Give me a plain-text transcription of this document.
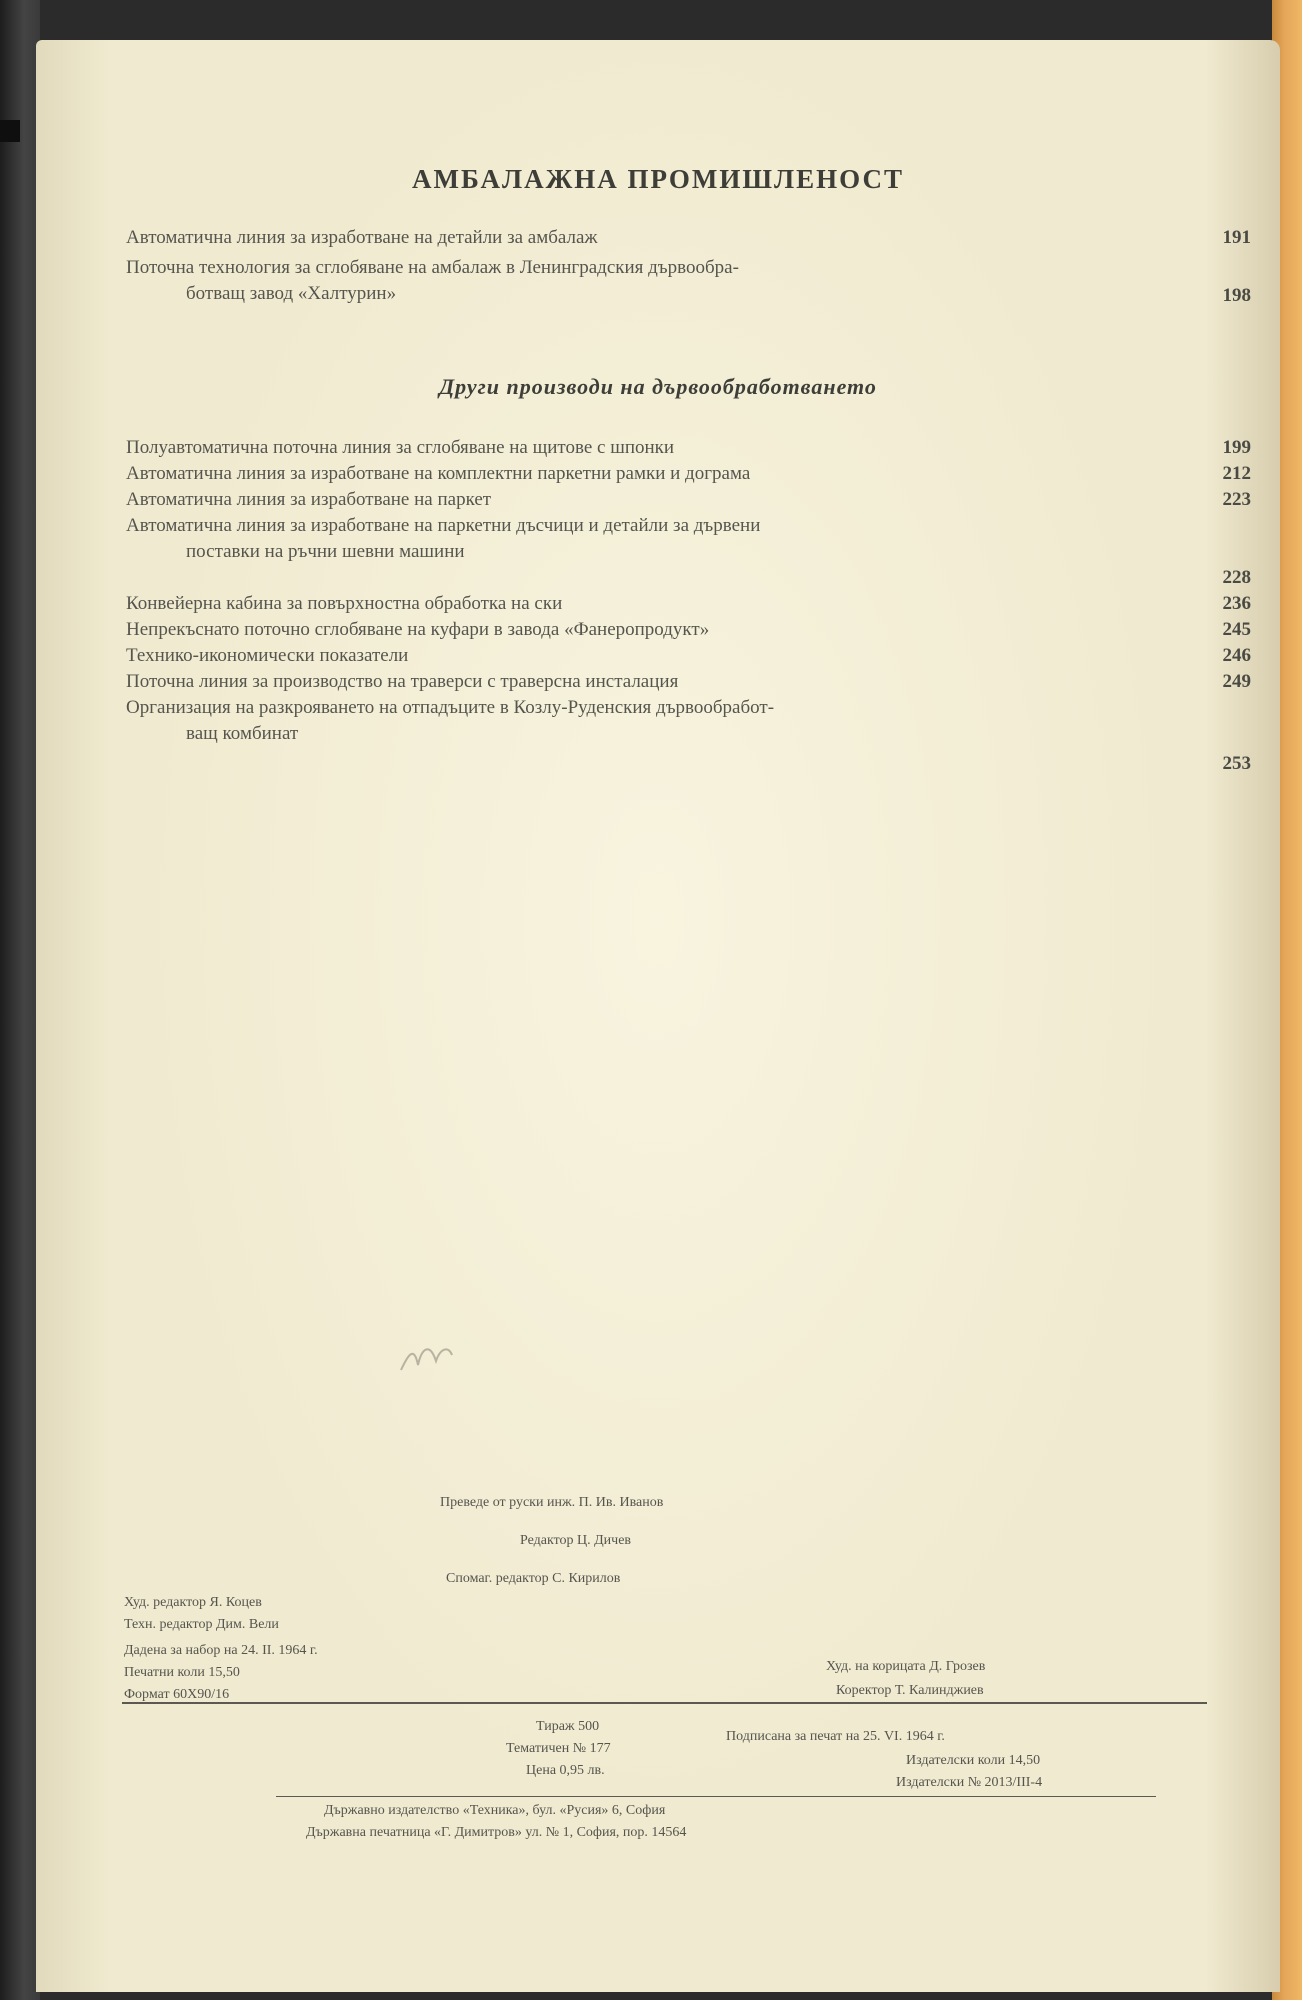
АМБАЛАЖНА ПРОМИШЛЕНОСТ
Автоматична линия за изработване на детайли за амбалаж	191
Поточна технология за сглобяване на амбалаж в Ленинградския дървообра-
ботващ завод «Халтурин»	198
Други производи на дървообработването
Полуавтоматична поточна линия за сглобяване на щитове с шпонки	199
Автоматична линия за изработване на комплектни паркетни рамки и дограма	212
Автоматична линия за изработване на паркет	223
Автоматична линия за изработване на паркетни дъсчици и детайли за дървени
поставки на ръчни шевни машини
228
Конвейерна кабина за повърхностна обработка на ски	236
Непрекъснато поточно сглобяване на куфари в завода «Фанеропродукт»	245
Технико-икономически показатели	246
Поточна линия за производство на траверси с траверсна инсталация	249
Организация на разкрояването на отпадъците в Козлу-Руденския дървообработ-
ващ комбинат
253
Преведе от руски инж. П. Ив. Иванов
Редактор Ц. Дичев
Спомаг. редактор С. Кирилов
Худ. редактор Я. Коцев
Техн. редактор Дим. Вели
Дадена за набор на 24. II. 1964 г.
Печатни коли 15,50
Формат 60Х90/16
Худ. на корицата Д. Грозев
Коректор Т. Калинджиев
Тираж 500
Тематичен № 177
Цена 0,95 лв.
Подписана за печат на 25. VI. 1964 г.
Издателски коли 14,50
Издателски № 2013/III-4
Държавно издателство «Техника», бул. «Русия» 6, София
Държавна печатница «Г. Димитров» ул. № 1, София, пор. 14564
